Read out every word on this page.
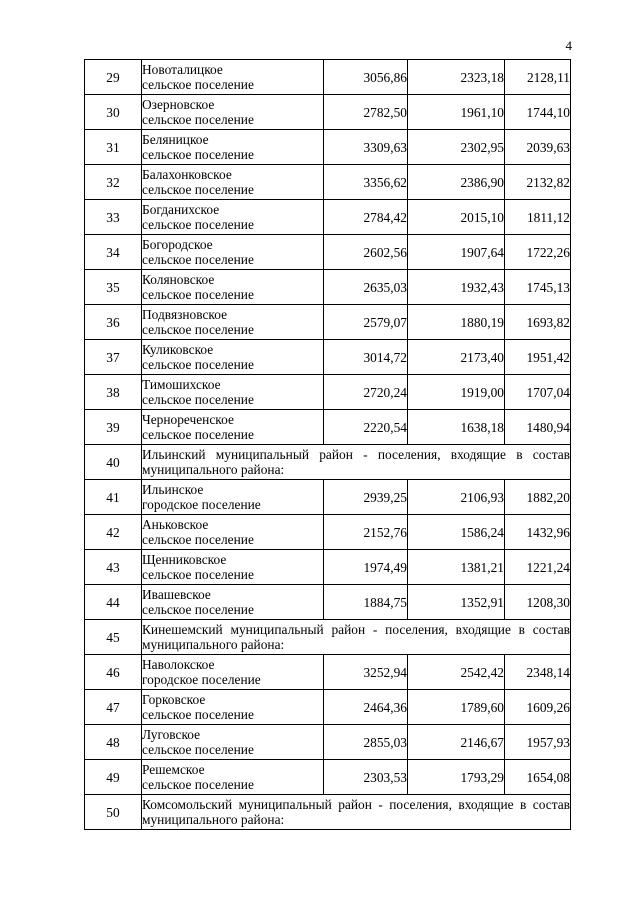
4
29	Новоталицкое
сельское поселение	3056,86	2323,18	2128,11
30	Озерновское
сельское поселение	2782,50	1961,10	1744,10
31	Беляницкое
сельское поселение	3309,63	2302,95	2039,63
32	Балахонковское
сельское поселение	3356,62	2386,90	2132,82
33	Богданихское
сельское поселение	2784,42	2015,10	1811,12
34	Богородское
сельское поселение	2602,56	1907,64	1722,26
35	Коляновское
сельское поселение	2635,03	1932,43	1745,13
36	Подвязновское
сельское поселение	2579,07	1880,19	1693,82
37	Куликовское
сельское поселение	3014,72	2173,40	1951,42
38	Тимошихское
сельское поселение	2720,24	1919,00	1707,04
39	Чернореченское
сельское поселение	2220,54	1638,18	1480,94
40	Ильинский муниципальный район - поселения, входящие в состав муниципального района:			
41	Ильинское
городское поселение	2939,25	2106,93	1882,20
42	Аньковское
сельское поселение	2152,76	1586,24	1432,96
43	Щенниковское
сельское поселение	1974,49	1381,21	1221,24
44	Ивашевское
сельское поселение	1884,75	1352,91	1208,30
45	Кинешемский муниципальный район - поселения, входящие в состав муниципального района:			
46	Наволокское
городское поселение	3252,94	2542,42	2348,14
47	Горковское
сельское поселение	2464,36	1789,60	1609,26
48	Луговское
сельское поселение	2855,03	2146,67	1957,93
49	Решемское
сельское поселение	2303,53	1793,29	1654,08
50	Комсомольский муниципальный район - поселения, входящие в состав муниципального района:			
